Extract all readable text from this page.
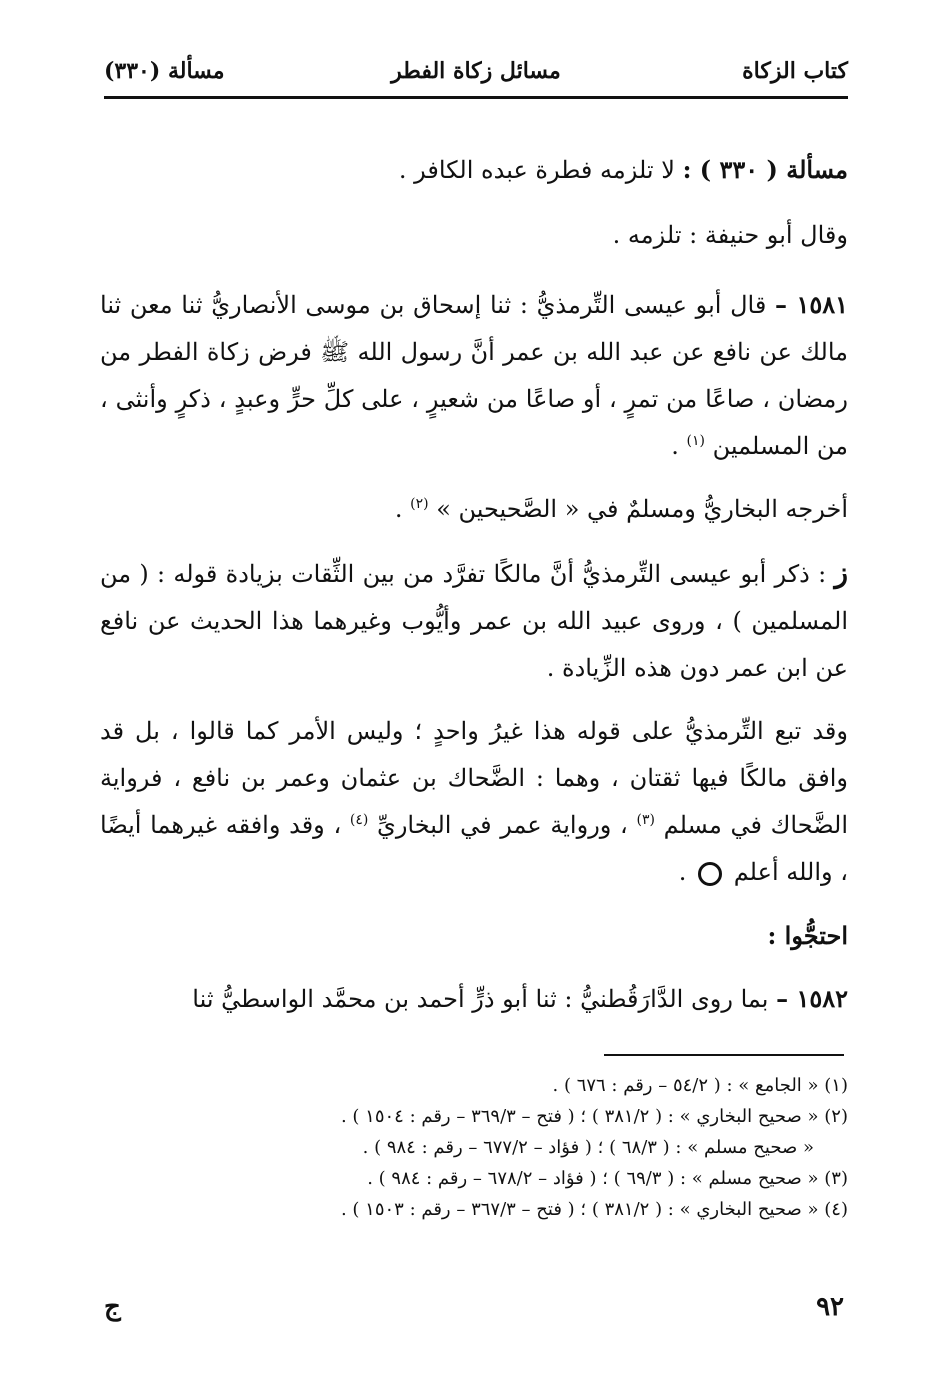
كتاب الزكاة
مسائل زكاة الفطر
مسألة (٣٣٠)

مسألة ( ٣٣٠ ) : لا تلزمه فطرة عبده الكافر .

وقال أبو حنيفة : تلزمه .

١٥٨١ – قال أبو عيسى التِّرمذيُّ : ثنا إسحاق بن موسى الأنصاريُّ ثنا معن ثنا مالك عن نافع عن عبد الله بن عمر أنَّ رسول الله ﷺ فرض زكاة الفطر من رمضان ، صاعًا من تمرٍ ، أو صاعًا من شعيرٍ ، على كلِّ حرٍّ وعبدٍ ، ذكرٍ وأنثى ، من المسلمين $^{(١)}$ .

أخرجه البخاريُّ ومسلمٌ في « الصَّحيحين » $^{(٢)}$ .

ز : ذكر أبو عيسى التِّرمذيُّ أنَّ مالكًا تفرَّد من بين الثِّقات بزيادة قوله : ( من المسلمين ) ، وروى عبيد الله بن عمر وأيُّوب وغيرهما هذا الحديث عن نافع عن ابن عمر دون هذه الزِّيادة .

وقد تبع التِّرمذيُّ على قوله هذا غيرُ واحدٍ ؛ وليس الأمر كما قالوا ، بل قد وافق مالكًا فيها ثقتان ، وهما : الضَّحاك بن عثمان وعمر بن نافع ، فرواية الضَّحاك في مسلم $^{(٣)}$ ، ورواية عمر في البخاريِّ $^{(٤)}$ ، وقد وافقه غيرهما أيضًا ، والله أعلم  .

احتجُّوا :

١٥٨٢ – بما روى الدَّارَقُطنيُّ : ثنا أبو ذرٍّ أحمد بن محمَّد الواسطيُّ ثنا

(١) « الجامع » : ( ٥٤/٢ – رقم : ٦٧٦ ) .
(٢) « صحيح البخاري » : ( ٣٨١/٢ ) ؛ ( فتح – ٣٦٩/٣ – رقم : ١٥٠٤ ) .
« صحيح مسلم » : ( ٦٨/٣ ) ؛ ( فؤاد – ٦٧٧/٢ – رقم : ٩٨٤ ) .
(٣) « صحيح مسلم » : ( ٦٩/٣ ) ؛ ( فؤاد – ٦٧٨/٢ – رقم : ٩٨٤ ) .
(٤) « صحيح البخاري » : ( ٣٨١/٢ ) ؛ ( فتح – ٣٦٧/٣ – رقم : ١٥٠٣ ) .
٩٢
ج
